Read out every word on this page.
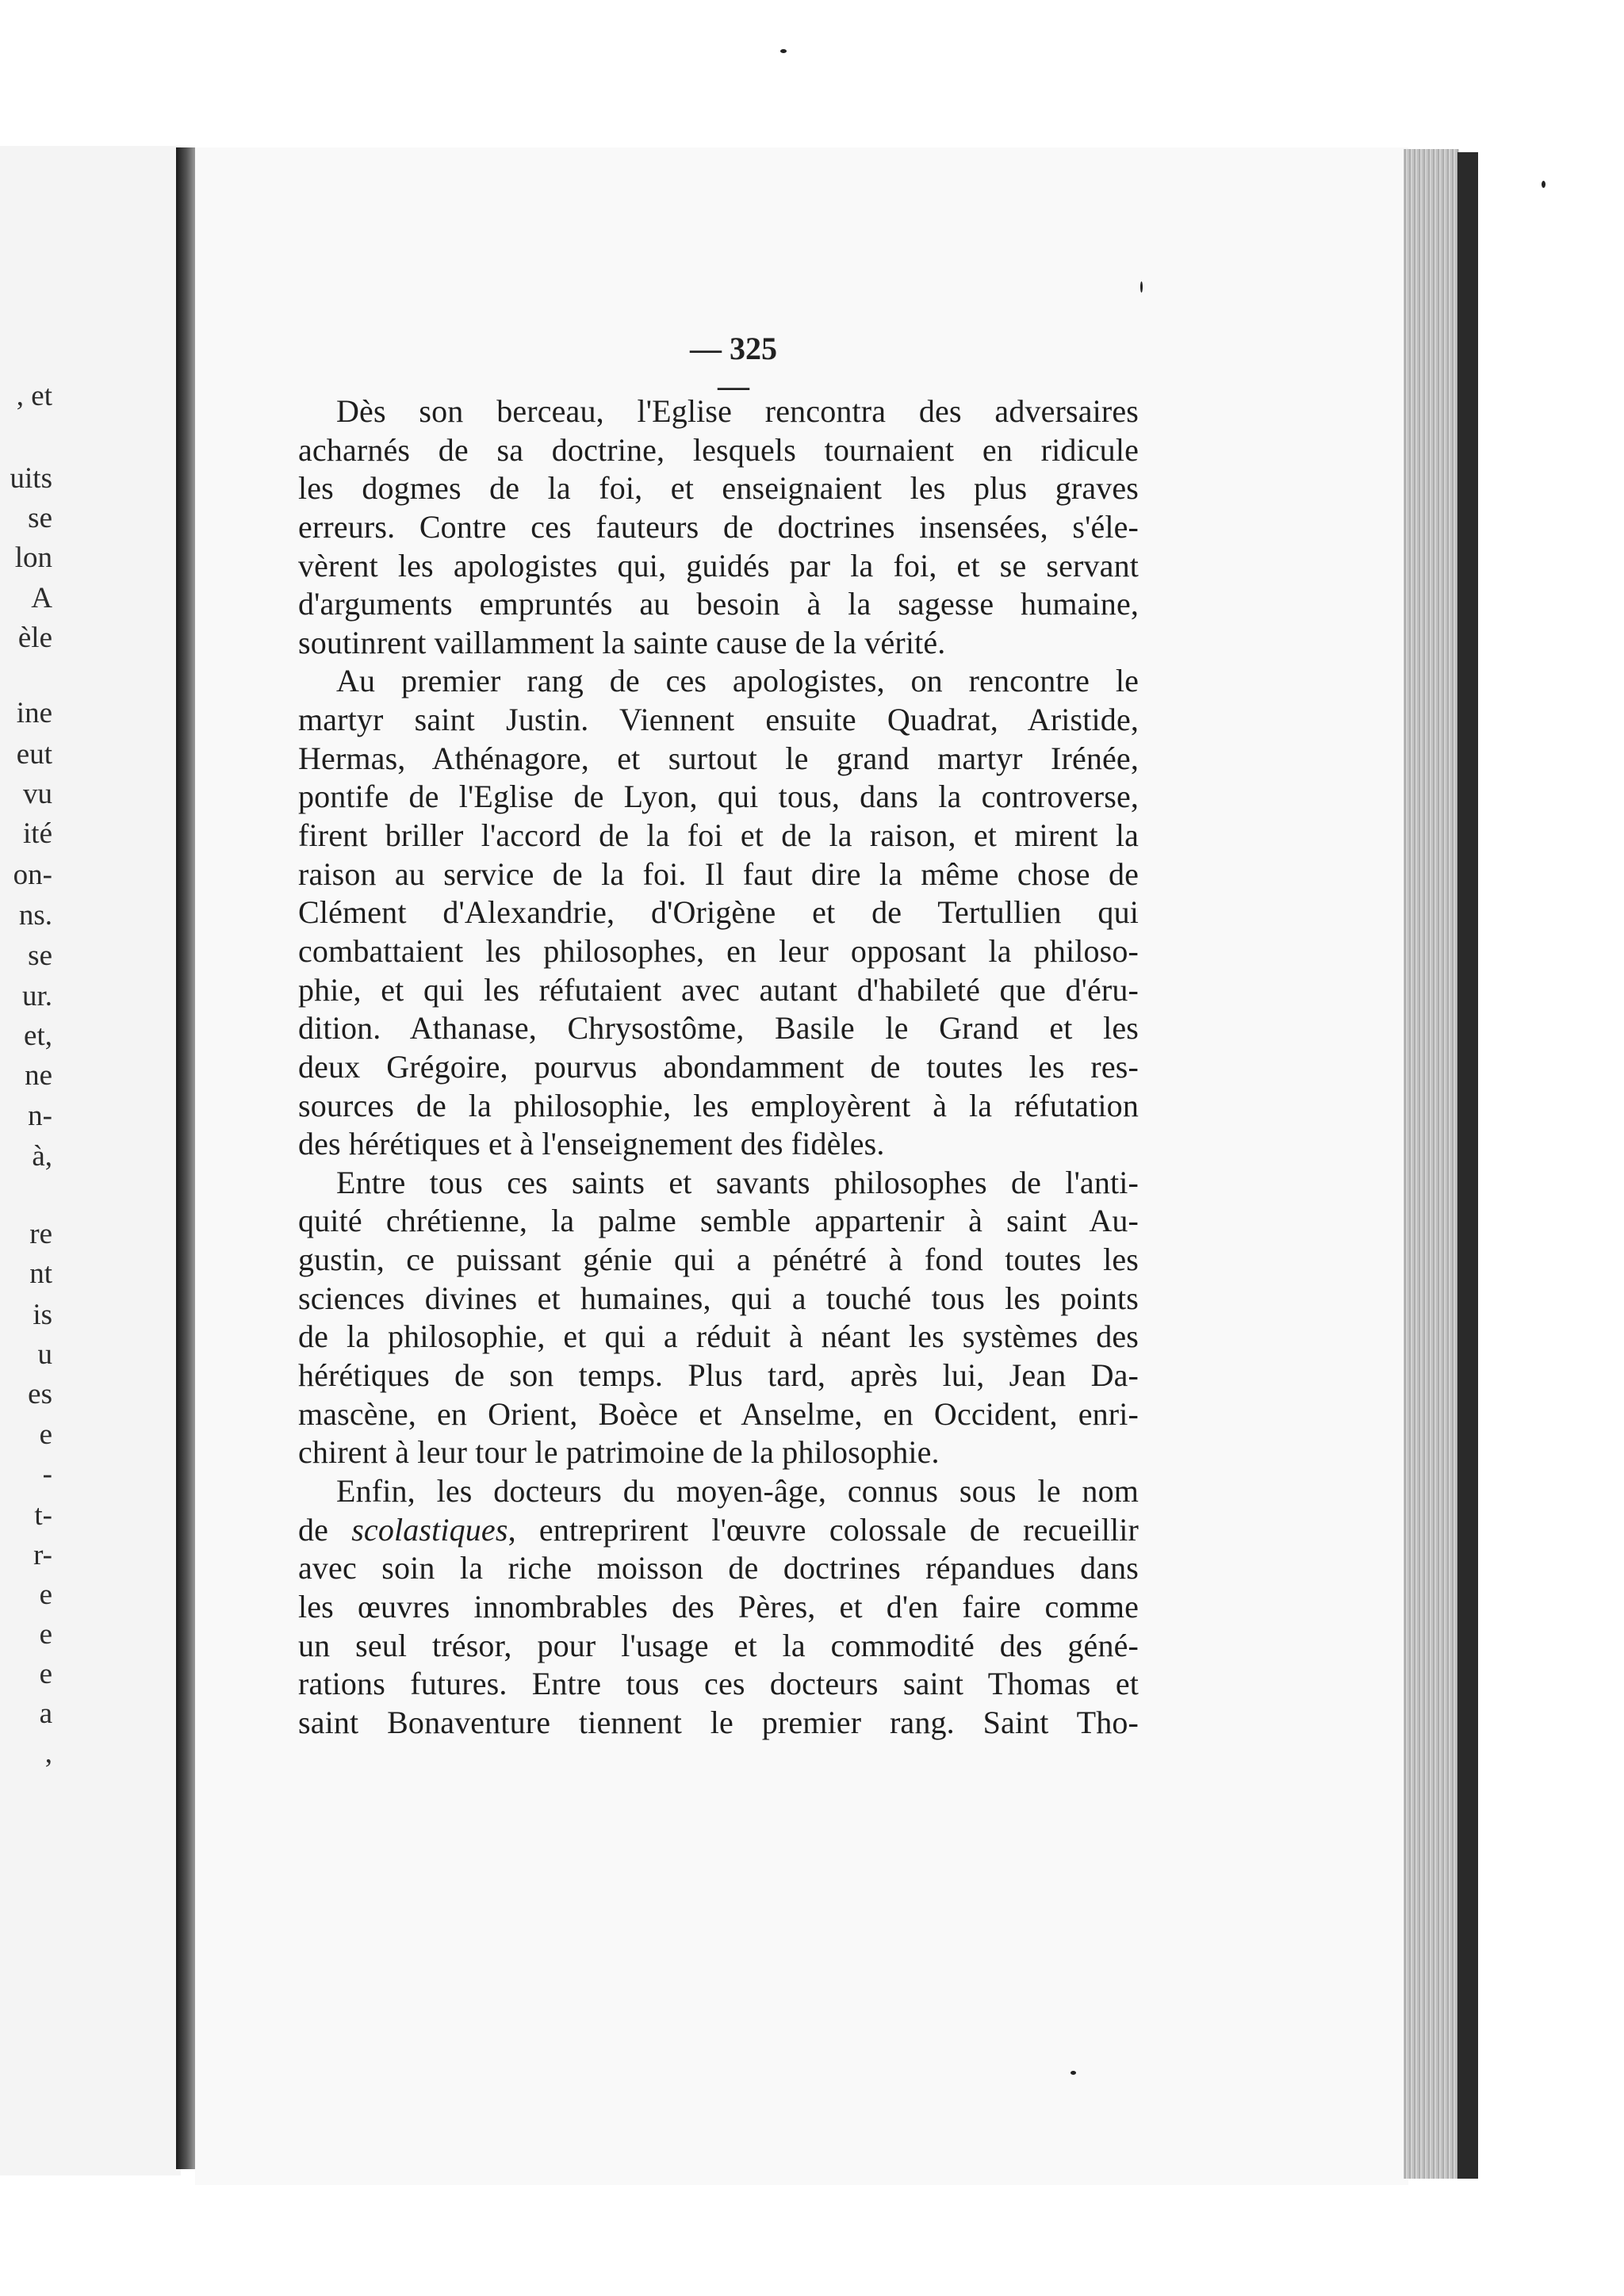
, et
uits
se
lon
A
èle
ine
eut
vu
ité
on-
ns.
se
ur.
et,
ne
n-
à,
re
nt
is
u
es
e
-
t-
r-
e
e
e
a
,
— 325 —
Dès son berceau, l'Eglise rencontra des adversaires
acharnés de sa doctrine, lesquels tournaient en ridicule
les dogmes de la foi, et enseignaient les plus graves
erreurs. Contre ces fauteurs de doctrines insensées, s'éle-
vèrent les apologistes qui, guidés par la foi, et se servant
d'arguments empruntés au besoin à la sagesse humaine,
soutinrent vaillamment la sainte cause de la vérité.
Au premier rang de ces apologistes, on rencontre le
martyr saint Justin. Viennent ensuite Quadrat, Aristide,
Hermas, Athénagore, et surtout le grand martyr Irénée,
pontife de l'Eglise de Lyon, qui tous, dans la controverse,
firent briller l'accord de la foi et de la raison, et mirent la
raison au service de la foi. Il faut dire la même chose de
Clément d'Alexandrie, d'Origène et de Tertullien qui
combattaient les philosophes, en leur opposant la philoso-
phie, et qui les réfutaient avec autant d'habileté que d'éru-
dition. Athanase, Chrysostôme, Basile le Grand et les
deux Grégoire, pourvus abondamment de toutes les res-
sources de la philosophie, les employèrent à la réfutation
des hérétiques et à l'enseignement des fidèles.
Entre tous ces saints et savants philosophes de l'anti-
quité chrétienne, la palme semble appartenir à saint Au-
gustin, ce puissant génie qui a pénétré à fond toutes les
sciences divines et humaines, qui a touché tous les points
de la philosophie, et qui a réduit à néant les systèmes des
hérétiques de son temps. Plus tard, après lui, Jean Da-
mascène, en Orient, Boèce et Anselme, en Occident, enri-
chirent à leur tour le patrimoine de la philosophie.
Enfin, les docteurs du moyen-âge, connus sous le nom
de scolastiques, entreprirent l'œuvre colossale de recueillir
avec soin la riche moisson de doctrines répandues dans
les œuvres innombrables des Pères, et d'en faire comme
un seul trésor, pour l'usage et la commodité des géné-
rations futures. Entre tous ces docteurs saint Thomas et
saint Bonaventure tiennent le premier rang. Saint Tho-
